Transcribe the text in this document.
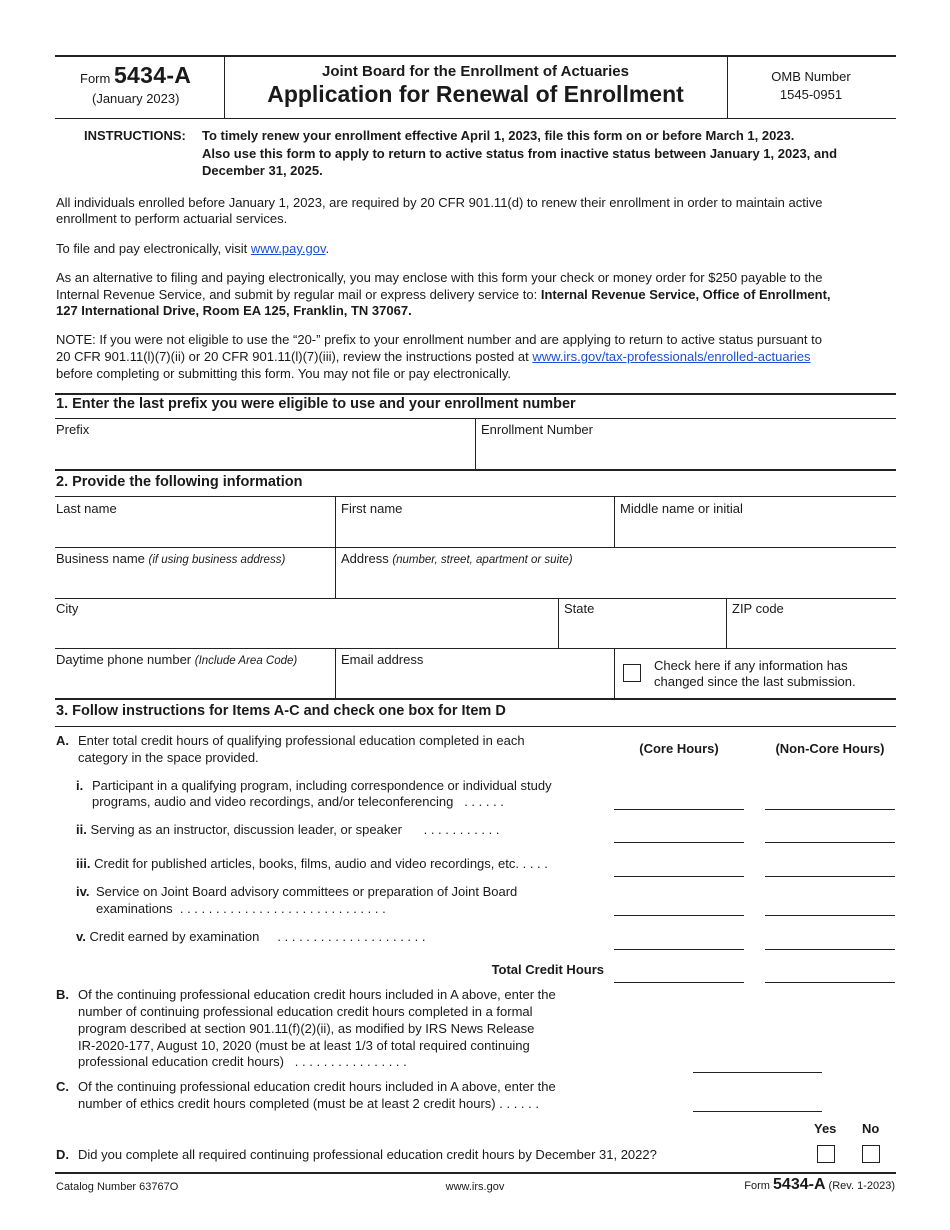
Form 5434-A
(January 2023)
Joint Board for the Enrollment of Actuaries
Application for Renewal of Enrollment
OMB Number
1545-0951
INSTRUCTIONS: To timely renew your enrollment effective April 1, 2023, file this form on or before March 1, 2023.
Also use this form to apply to return to active status from inactive status between January 1, 2023, and
December 31, 2025.
All individuals enrolled before January 1, 2023, are required by 20 CFR 901.11(d) to renew their enrollment in order to maintain active
enrollment to perform actuarial services.
To file and pay electronically, visit www.pay.gov.
As an alternative to filing and paying electronically, you may enclose with this form your check or money order for $250 payable to the
Internal Revenue Service, and submit by regular mail or express delivery service to: Internal Revenue Service, Office of Enrollment,
127 International Drive, Room EA 125, Franklin, TN 37067.
NOTE: If you were not eligible to use the “20-” prefix to your enrollment number and are applying to return to active status pursuant to
20 CFR 901.11(l)(7)(ii) or 20 CFR 901.11(l)(7)(iii), review the instructions posted at www.irs.gov/tax-professionals/enrolled-actuaries
before completing or submitting this form. You may not file or pay electronically.
1. Enter the last prefix you were eligible to use and your enrollment number
Prefix	Enrollment Number
2. Provide the following information
Last name	First name	Middle name or initial
Business name (if using business address)	Address (number, street, apartment or suite)
City	State	ZIP code
Daytime phone number (Include Area Code)	Email address	Check here if any information has
changed since the last submission.
3. Follow instructions for Items A-C and check one box for Item D
A. Enter total credit hours of qualifying professional education completed in each
category in the space provided.
(Core Hours)	(Non-Core Hours)
i. Participant in a qualifying program, including correspondence or individual study
programs, audio and video recordings, and/or teleconferencing . . . . . .
ii. Serving as an instructor, discussion leader, or speaker . . . . . . . . . . .
iii. Credit for published articles, books, films, audio and video recordings, etc. . . . .
iv. Service on Joint Board advisory committees or preparation of Joint Board
examinations . . . . . . . . . . . . . . . . . . . . . . . . . . . . .
v. Credit earned by examination . . . . . . . . . . . . . . . . . . . . .
Total Credit Hours
B. Of the continuing professional education credit hours included in A above, enter the
number of continuing professional education credit hours completed in a formal
program described at section 901.11(f)(2)(ii), as modified by IRS News Release
IR-2020-177, August 10, 2020 (must be at least 1/3 of total required continuing
professional education credit hours) . . . . . . . . . . . . . . . .
C. Of the continuing professional education credit hours included in A above, enter the
number of ethics credit hours completed (must be at least 2 credit hours) . . . . . .
Yes No
D. Did you complete all required continuing professional education credit hours by December 31, 2022?
Catalog Number 63767O	www.irs.gov	Form 5434-A (Rev. 1-2023)
